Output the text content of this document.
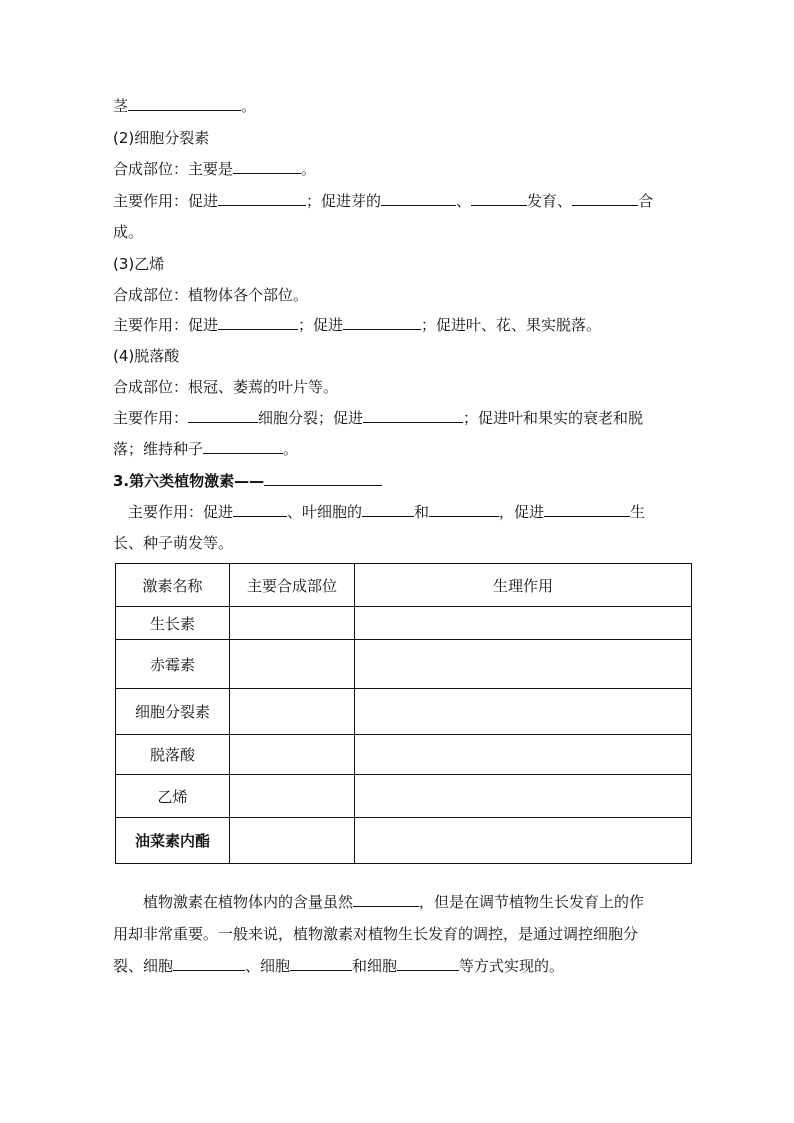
茎	。
(2)细胞分裂素
合成部位：主要是	。
主要作用：促进	；促进芽的	、	发育、	合
成。
(3)乙烯
合成部位：植物体各个部位。
主要作用：促进	；促进	；促进叶、花、果实脱落。
(4)脱落酸
合成部位：根冠、萎蔫的叶片等。
主要作用：	细胞分裂；促进	；促进叶和果实的衰老和脱
落；维持种子	。
3.第六类植物激素——
主要作用：促进	、叶细胞的	和	，促进	生
长、种子萌发等。
激素名称	主要合成部位	生理作用
生长素		
赤霉素		
细胞分裂素		
脱落酸		
乙烯		
油菜素内酯		
植物激素在植物体内的含量虽然	，但是在调节植物生长发育上的作
用却非常重要。一般来说，植物激素对植物生长发育的调控，是通过调控细胞分
裂、细胞	、细胞	和细胞	等方式实现的。
